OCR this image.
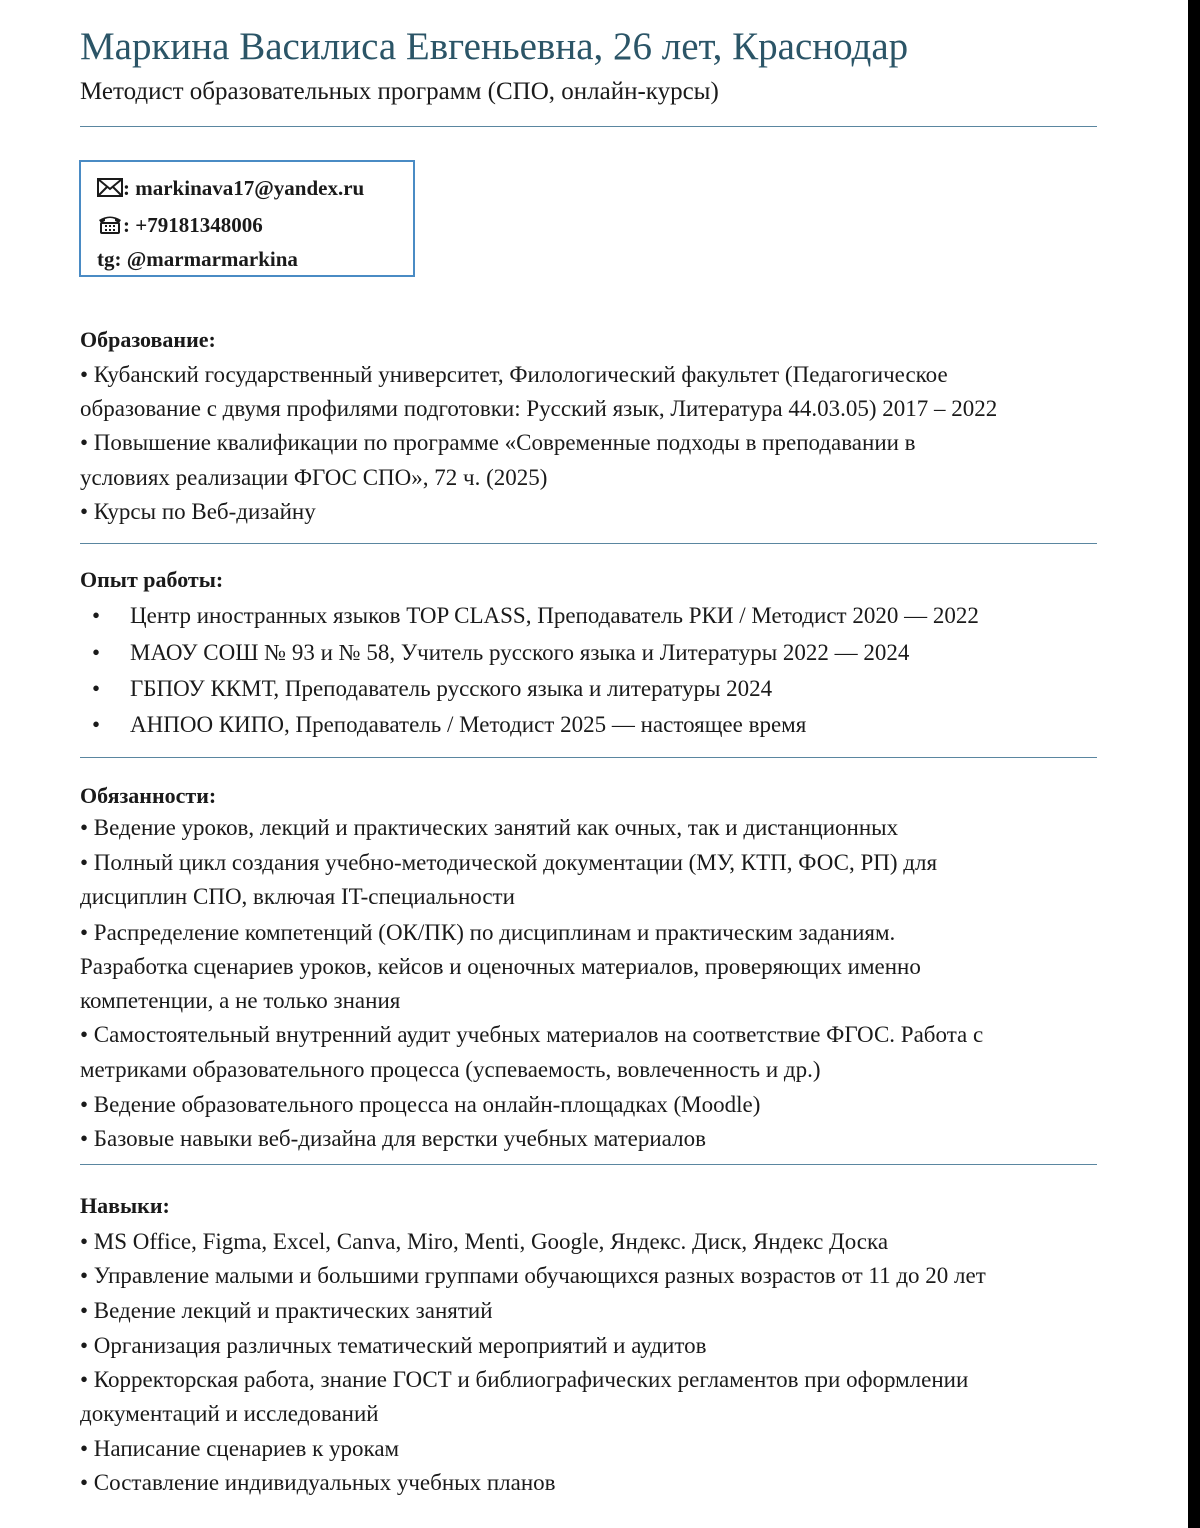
Маркина Василиса Евгеньевна, 26 лет, Краснодар
Методист образовательных программ (СПО, онлайн-курсы)
: markinava17@yandex.ru
: +79181348006
tg: @marmarmarkina
Образование:
• Кубанский государственный университет, Филологический факультет (Педагогическое
образование с двумя профилями подготовки: Русский язык, Литература 44.03.05) 2017 – 2022
• Повышение квалификации по программе «Современные подходы в преподавании в
условиях реализации ФГОС СПО», 72 ч. (2025)
• Курсы по Веб-дизайну
Опыт работы:
• Центр иностранных языков TOP CLASS, Преподаватель РКИ / Методист 2020 — 2022
• МАОУ СОШ № 93 и № 58, Учитель русского языка и Литературы 2022 — 2024
• ГБПОУ ККМТ, Преподаватель русского языка и литературы 2024
• АНПОО КИПО, Преподаватель / Методист 2025 — настоящее время
Обязанности:
• Ведение уроков, лекций и практических занятий как очных, так и дистанционных
• Полный цикл создания учебно-методической документации (МУ, КТП, ФОС, РП) для
дисциплин СПО, включая IT-специальности
• Распределение компетенций (ОК/ПК) по дисциплинам и практическим заданиям.
Разработка сценариев уроков, кейсов и оценочных материалов, проверяющих именно
компетенции, а не только знания
• Самостоятельный внутренний аудит учебных материалов на соответствие ФГОС. Работа с
метриками образовательного процесса (успеваемость, вовлеченность и др.)
• Ведение образовательного процесса на онлайн-площадках (Moodle)
• Базовые навыки веб-дизайна для верстки учебных материалов
Навыки:
• MS Office, Figma, Excel, Canva, Miro, Menti, Google, Яндекс. Диск, Яндекс Доска
• Управление малыми и большими группами обучающихся разных возрастов от 11 до 20 лет
• Ведение лекций и практических занятий
• Организация различных тематический мероприятий и аудитов
• Корректорская работа, знание ГОСТ и библиографических регламентов при оформлении
документаций и исследований
• Написание сценариев к урокам
• Составление индивидуальных учебных планов
